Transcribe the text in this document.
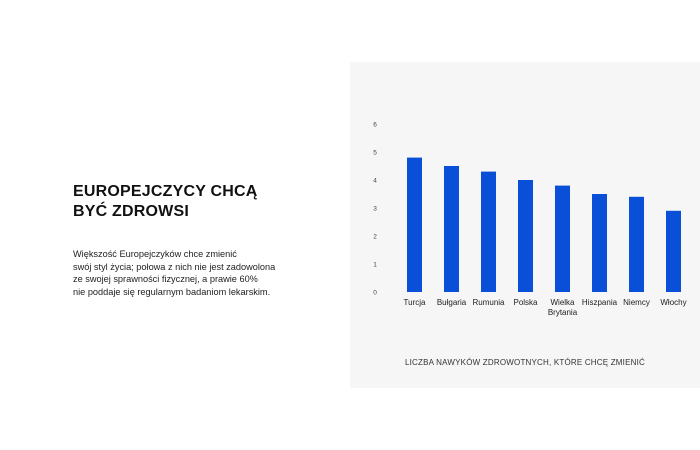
EUROPEJCZYCY CHCĄ
BYĆ ZDROWSI

Większość Europejczyków chce zmienić
swój styl życia; połowa z nich nie jest zadowolona
ze swojej sprawności fizycznej, a prawie 60%
nie poddaje się regularnym badaniom lekarskim.	0
1
2
3
4
5
6
Turcja Bułgaria Rumunia Polska Wielka
Brytania
Hiszpania Niemcy Włochy
LICZBA NAWYKÓW ZDROWOTNYCH, KTÓRE CHCĘ ZMIENIĆ
